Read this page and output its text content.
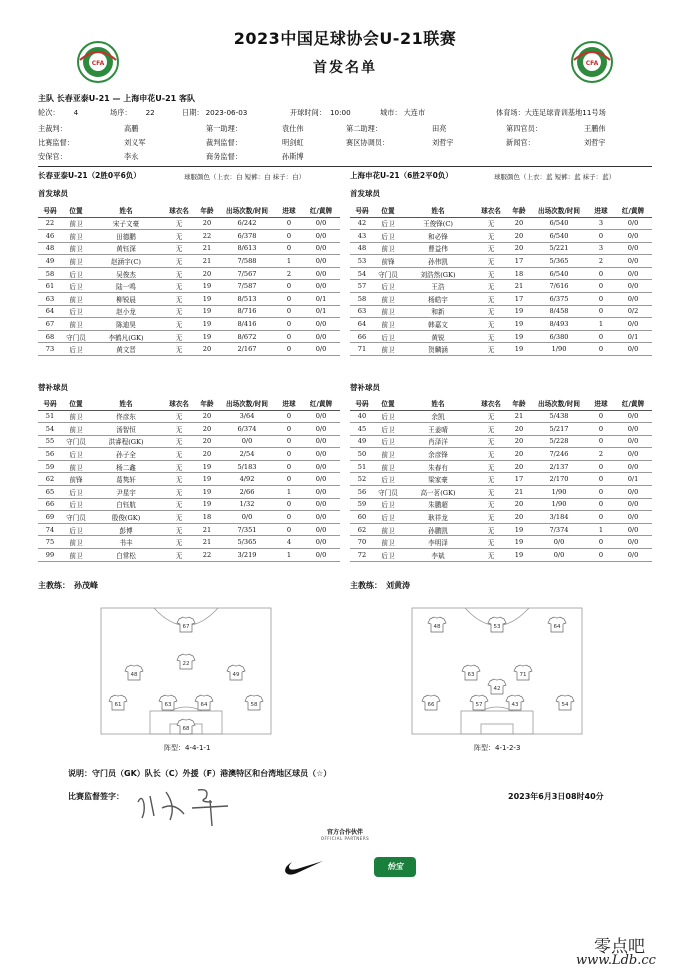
CFA	CFA
2023中国足球协会U-21联赛
首发名单
主队 长春亚泰U-21 — 上海申花U-21 客队
轮次： 4	场序： 22	日期： 2023-06-03	开球时间： 10:00	城市： 大连市	体育场：大连足球青训基地11号场
主裁判：	高鹏	第一助理：	袁仕伟	第二助理：	田亮	第四官员：	王鹏伟
比赛监督：	刘义军	裁判监督：	明剑虹	赛区协调员：	刘哲宇	新闻官：	刘哲宇
安保官：	李永	商务监督：	孙斯博
长春亚泰U-21（2胜0平6负）	球服颜色（上衣：白 短裤：白 袜子：白）	上海申花U-21（6胜2平0负）	球服颜色（上衣：蓝 短裤：蓝 袜子：蓝）
首发球员	首发球员
号码	位置	姓名	球衣名	年龄	出场次数/时间	进球	红/黄牌
22	前卫	宋子文豪	无	20	6/242	0	0/0
46	前卫	田德鹏	无	22	6/378	0	0/0
48	前卫	黄钰深	无	21	8/613	0	0/0
49	前卫	赵涵宇(C)	无	21	7/588	1	0/0
58	后卫	吴俊杰	无	20	7/567	2	0/0
61	后卫	陆一鸣	无	19	7/587	0	0/0
63	前卫	柳锐晨	无	19	8/513	0	0/1
64	后卫	赵小龙	无	19	8/716	0	0/1
67	前卫	陈迪昊	无	19	8/416	0	0/0
68	守门员	李鹤凡(GK)	无	19	8/672	0	0/0
73	后卫	黄文晋	无	20	2/167	0	0/0
号码	位置	姓名	球衣名	年龄	出场次数/时间	进球	红/黄牌
42	后卫	王俊锋(C)	无	20	6/540	3	0/0
43	后卫	和必锋	无	20	6/540	0	0/0
48	前卫	曹益伟	无	20	5/221	3	0/0
53	前锋	孙伟凯	无	17	5/365	2	0/0
54	守门员	刘浩然(GK)	无	18	6/540	0	0/0
57	后卫	王浩	无	21	7/616	0	0/0
58	前卫	杨皓宇	无	17	6/375	0	0/0
63	前卫	和新	无	19	8/458	0	0/2
64	前卫	韩嘉文	无	19	8/493	1	0/0
66	后卫	黄锐	无	19	6/380	0	0/1
71	前卫	贺麟涵	无	19	1/90	0	0/0
替补球员	替补球员
号码	位置	姓名	球衣名	年龄	出场次数/时间	进球	红/黄牌
51	前卫	佟彦东	无	20	3/64	0	0/0
54	前卫	汤智恒	无	20	6/374	0	0/0
55	守门员	洪睿程(GK)	无	20	0/0	0	0/0
56	后卫	孙子全	无	20	2/54	0	0/0
59	前卫	杨二鑫	无	19	5/183	0	0/0
62	前锋	葛隽轩	无	19	4/92	0	0/0
65	后卫	尹星宇	无	19	2/66	1	0/0
66	后卫	白钰航	无	19	1/32	0	0/0
69	守门员	殷俊(GK)	无	18	0/0	0	0/0
74	后卫	彭博	无	21	7/351	0	0/0
75	前卫	书丰	无	21	5/365	4	0/0
99	前卫	白常松	无	22	3/219	1	0/0
号码	位置	姓名	球衣名	年龄	出场次数/时间	进球	红/黄牌
40	后卫	余凯	无	21	5/438	0	0/0
45	后卫	王姜晴	无	20	5/217	0	0/0
49	后卫	肖泽洋	无	20	5/228	0	0/0
50	前卫	余彦锋	无	20	7/246	2	0/0
51	前卫	朱春有	无	20	2/137	0	0/0
52	后卫	梁家豪	无	17	2/170	0	0/1
56	守门员	高一茗(GK)	无	21	1/90	0	0/0
59	后卫	朱鹏超	无	20	1/90	0	0/0
60	后卫	耿祥龙	无	20	3/184	0	0/0
62	前卫	孙鹏凯	无	19	7/374	1	0/0
70	前卫	李明泽	无	19	0/0	0	0/0
72	后卫	李斌	无	19	0/0	0	0/0
主教练： 孙茂峰	主教练： 刘黄涛
67
22
48	49
61	63	64	58
68
48	53	64
63	71
42
66	57	43	54
阵型：4-4-1-1	阵型：4-1-2-3
说明：守门员（GK）队长（C）外援（F）港澳特区和台湾地区球员（☆）
比赛监督签字：	2023年6月3日08时40分
官方合作伙伴
OFFICIAL PARTNERS
怡宝
零点吧
www.Ldb.cc
